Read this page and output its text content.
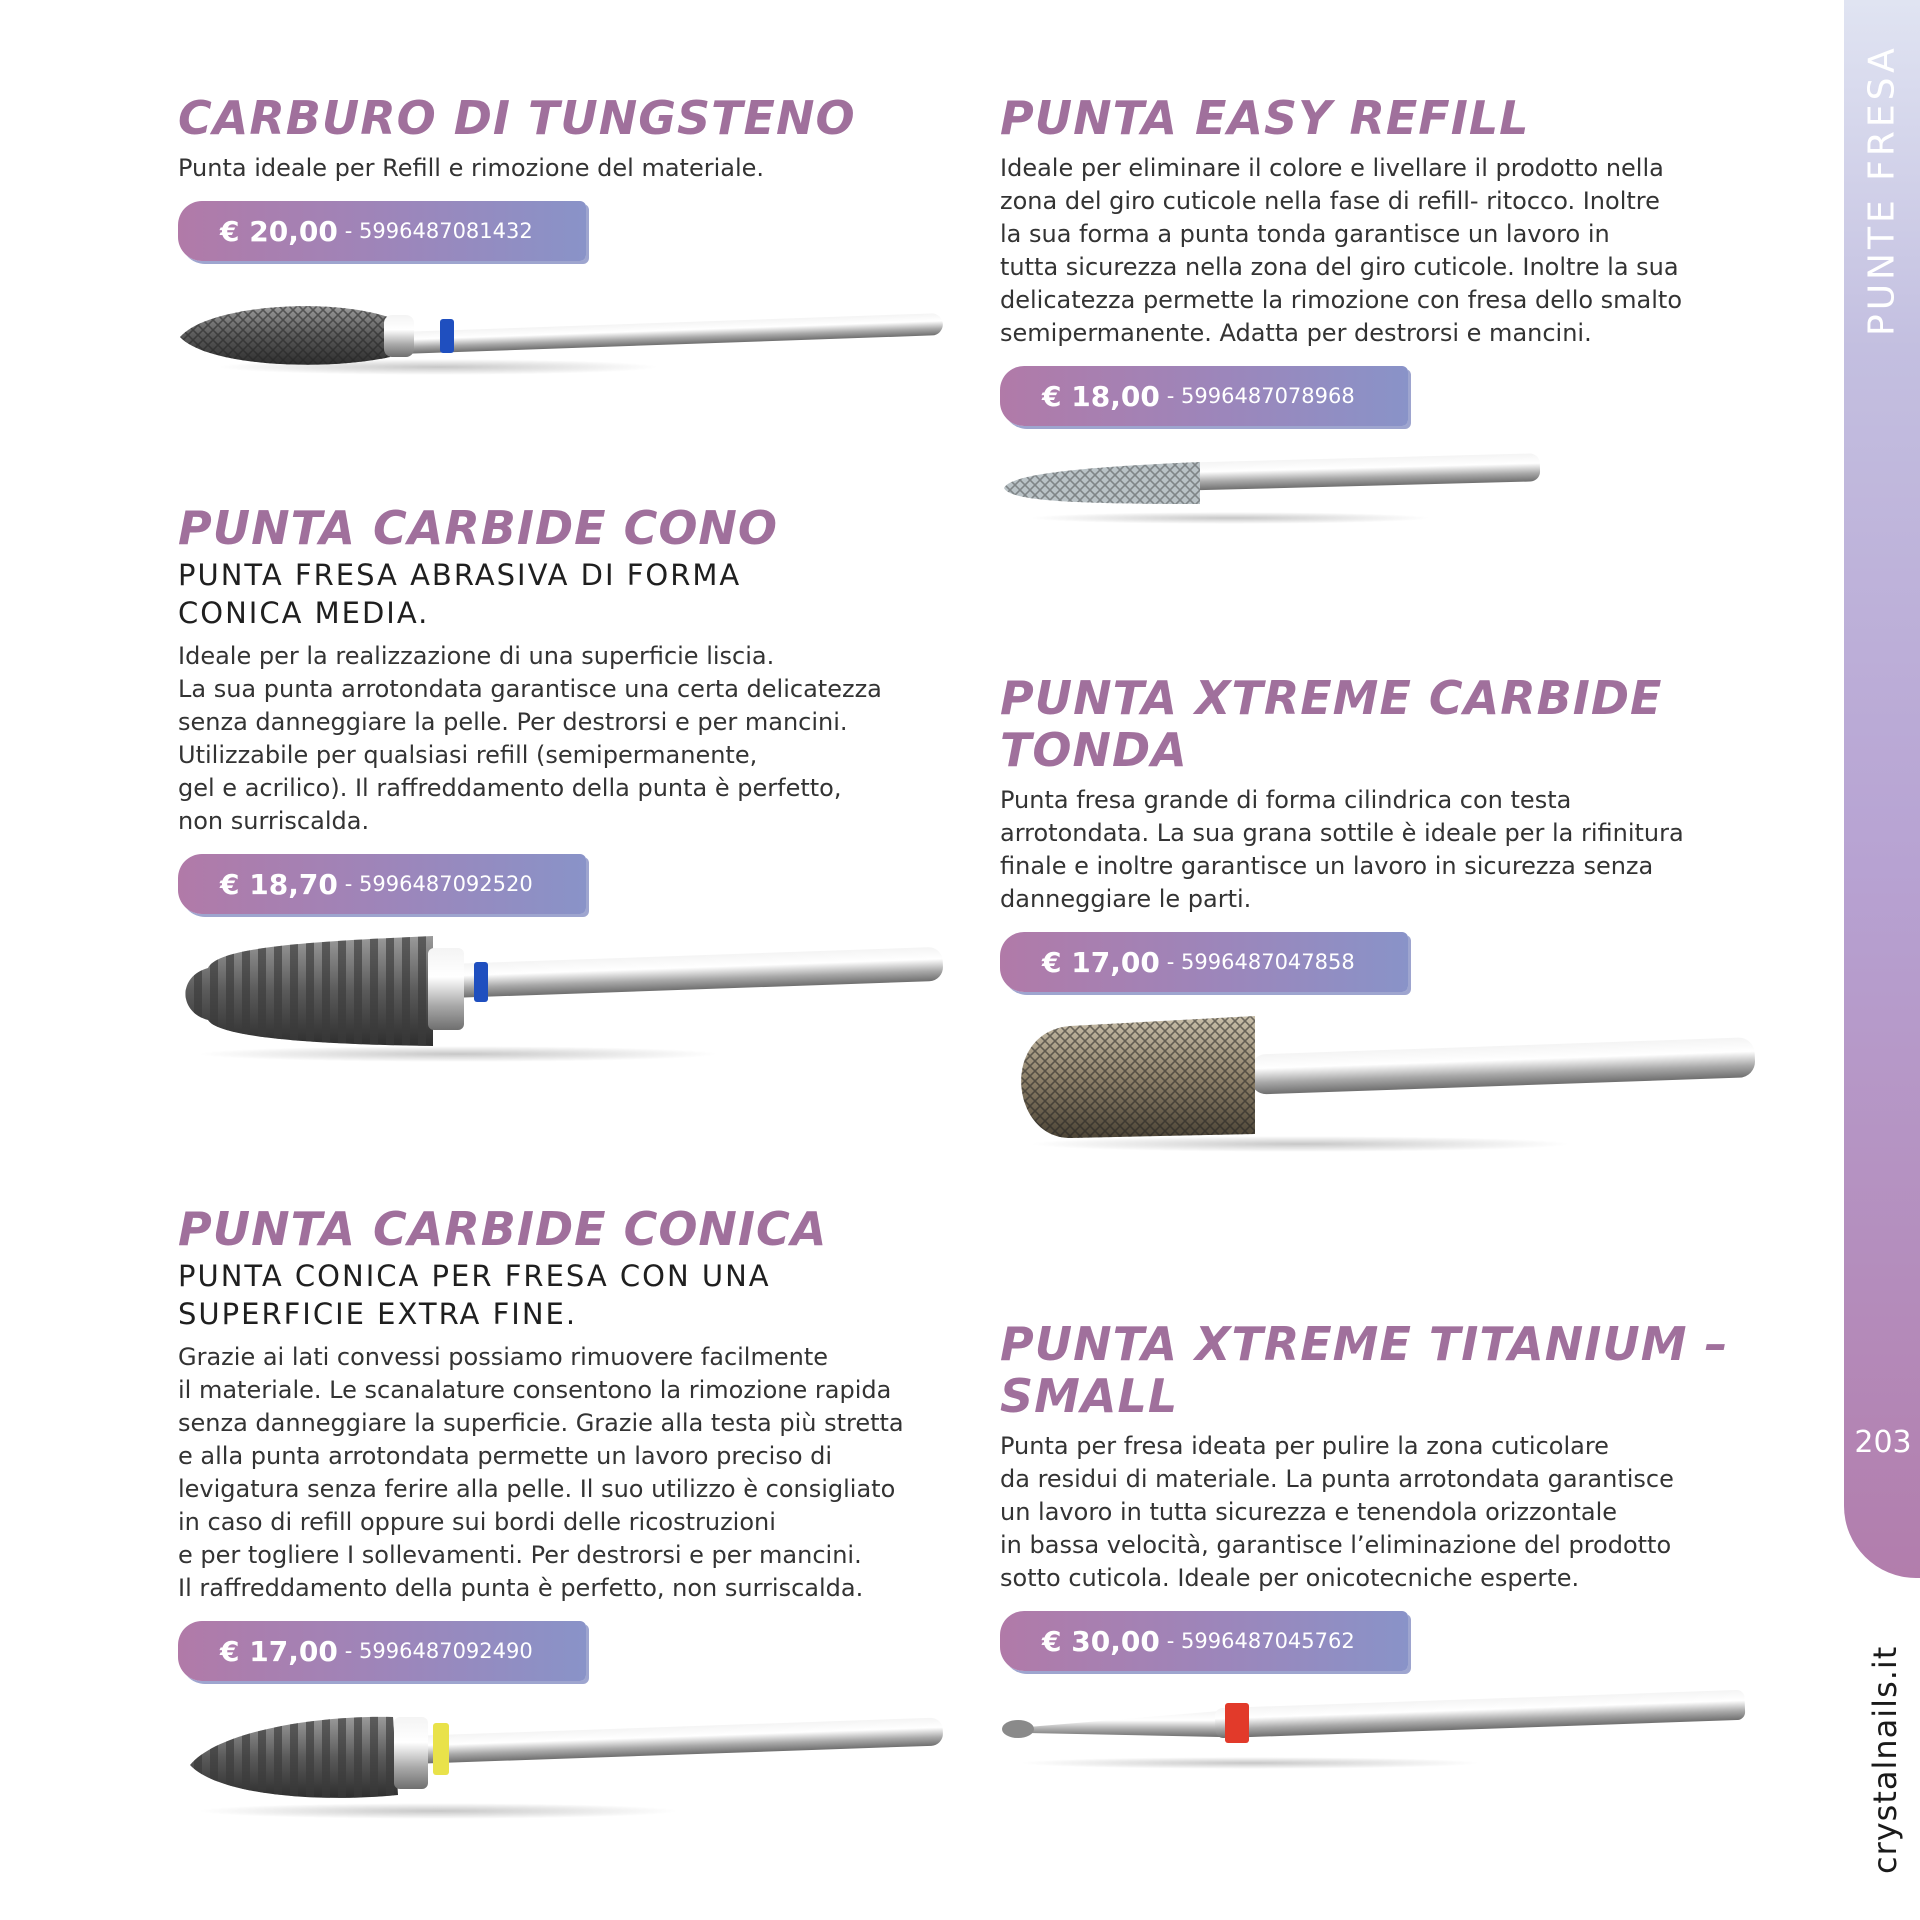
PUNTE FRESA
203
crystalnails.it
CARBURO DI TUNGSTENO

Punta ideale per Refill e rimozione del materiale.

€ 20,00
- 5996487081432
PUNTA EASY REFILL

Ideale per eliminare il colore e livellare il prodotto nella
zona del giro cuticole nella fase di refill- ritocco. Inoltre
la sua forma a punta tonda garantisce un lavoro in
tutta sicurezza nella zona del giro cuticole. Inoltre la sua
delicatezza permette la rimozione con fresa dello smalto
semipermanente. Adatta per destrorsi e mancini.

€ 18,00
- 5996487078968
PUNTA CARBIDE CONO

PUNTA FRESA ABRASIVA DI FORMA
CONICA MEDIA.

Ideale per la realizzazione di una superficie liscia.
La sua punta arrotondata garantisce una certa delicatezza
senza danneggiare la pelle. Per destrorsi e per mancini.
Utilizzabile per qualsiasi refill (semipermanente,
gel e acrilico). Il raffreddamento della punta è perfetto,
non surriscalda.

€ 18,70
- 5996487092520
PUNTA XTREME CARBIDE
TONDA

Punta fresa grande di forma cilindrica con testa
arrotondata. La sua grana sottile è ideale per la rifinitura
finale e inoltre garantisce un lavoro in sicurezza senza
danneggiare le parti.

€ 17,00
- 5996487047858
PUNTA CARBIDE CONICA

PUNTA CONICA PER FRESA CON UNA
SUPERFICIE EXTRA FINE.

Grazie ai lati convessi possiamo rimuovere facilmente
il materiale. Le scanalature consentono la rimozione rapida
senza danneggiare la superficie. Grazie alla testa più stretta
e alla punta arrotondata permette un lavoro preciso di
levigatura senza ferire alla pelle. Il suo utilizzo è consigliato
in caso di refill oppure sui bordi delle ricostruzioni
e per togliere I sollevamenti. Per destrorsi e per mancini.
Il raffreddamento della punta è perfetto, non surriscalda.

€ 17,00
- 5996487092490
PUNTA XTREME TITANIUM –
SMALL

Punta per fresa ideata per pulire la zona cuticolare
da residui di materiale. La punta arrotondata garantisce
un lavoro in tutta sicurezza e tenendola orizzontale
in bassa velocità, garantisce l’eliminazione del prodotto
sotto cuticola. Ideale per onicotecniche esperte.

€ 30,00
- 5996487045762
